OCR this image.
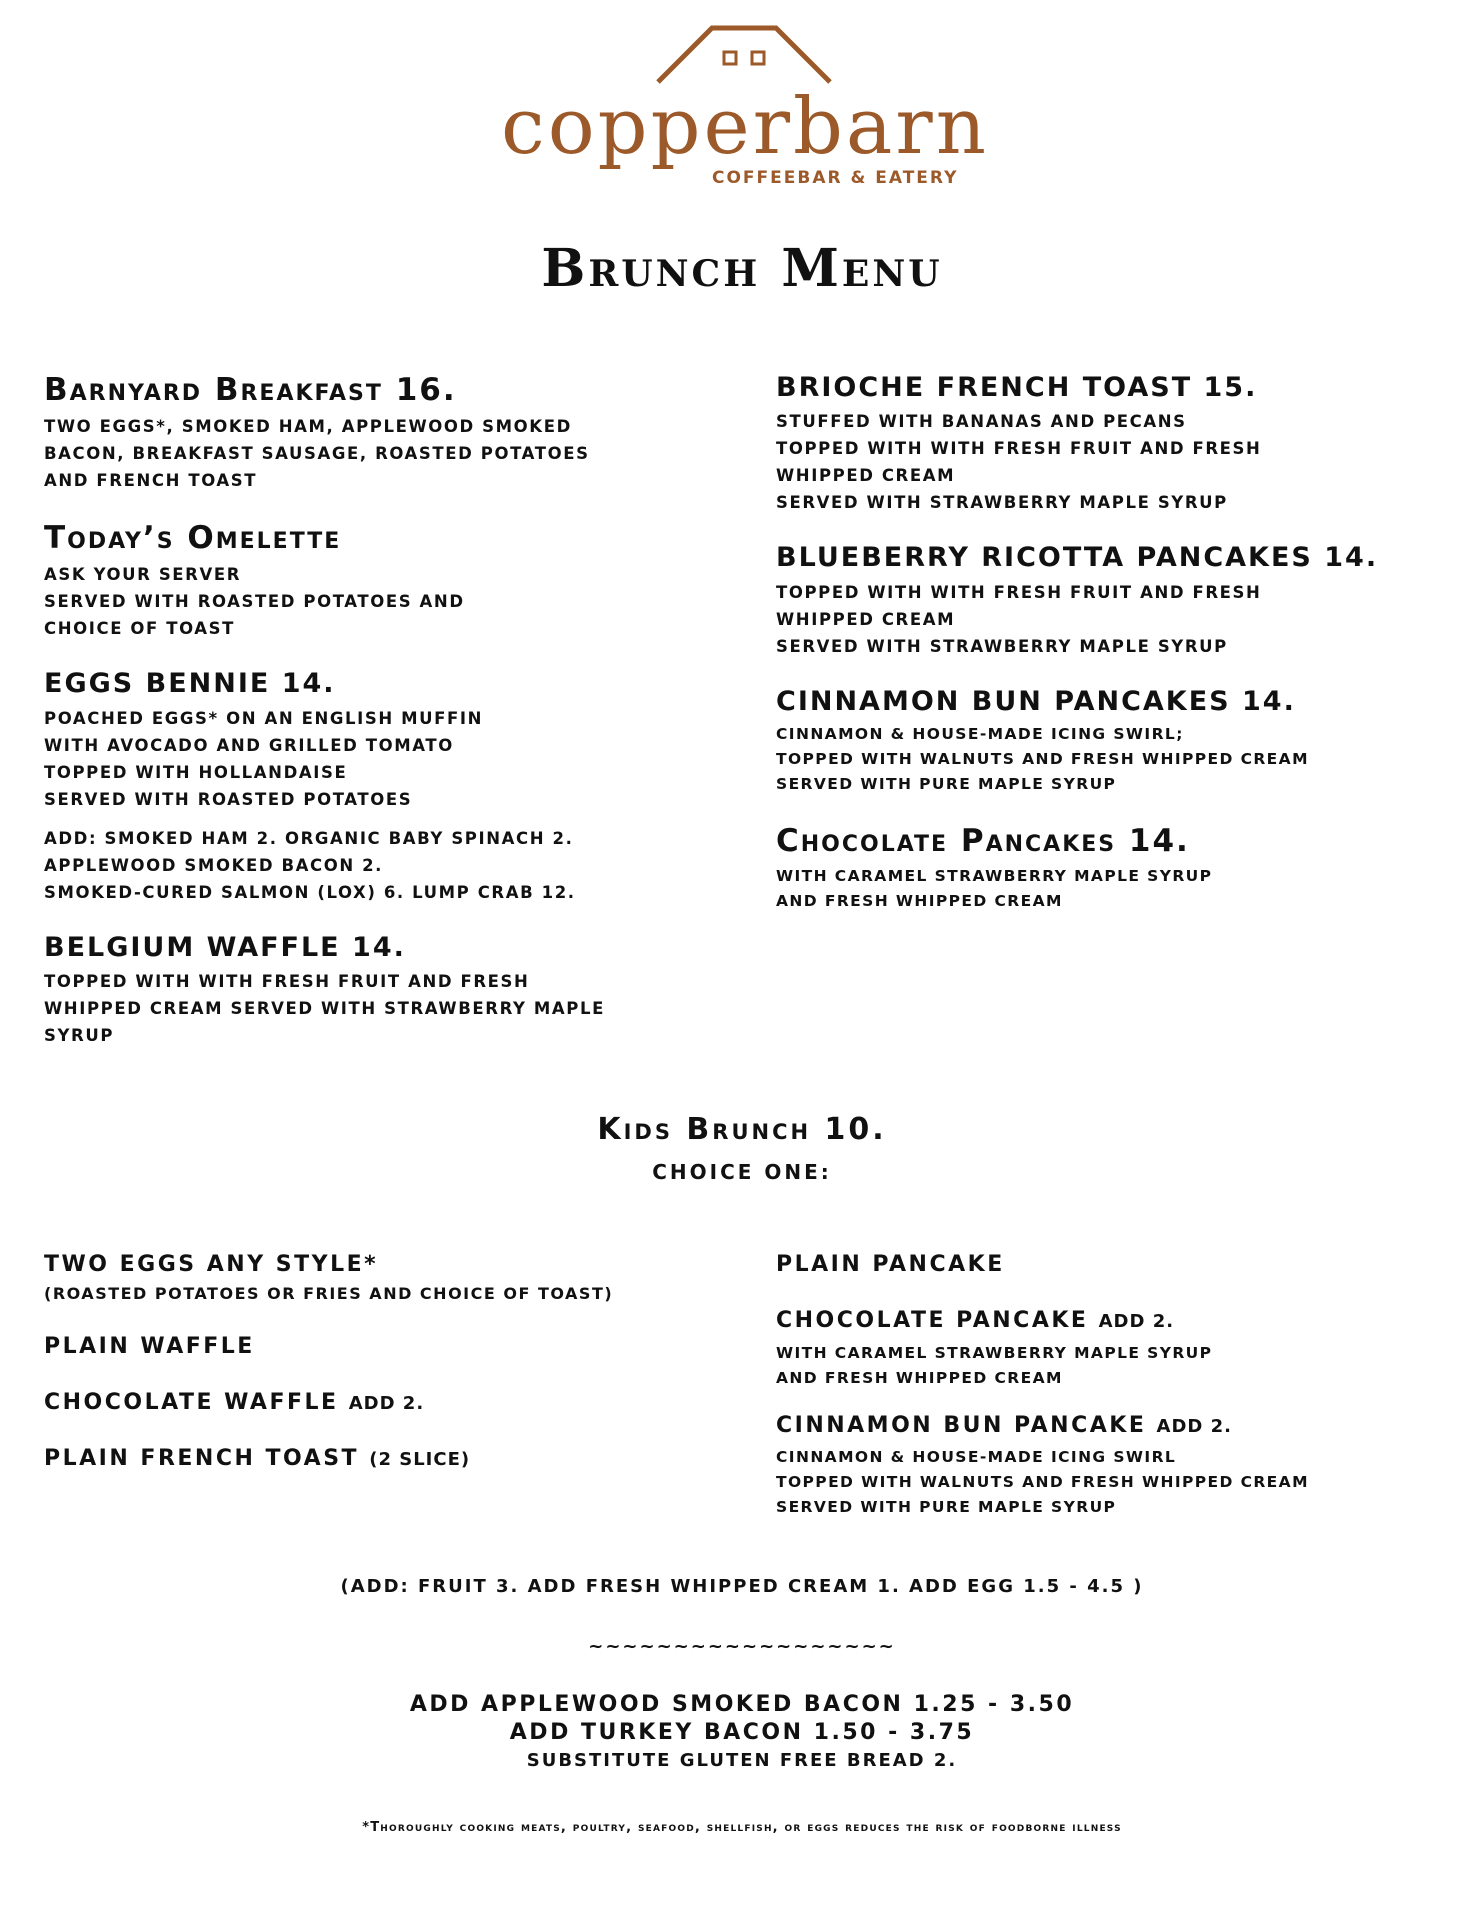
copperbarn
COFFEEBAR & EATERY
Brunch Menu
Barnyard Breakfast 16.
TWO EGGS*, SMOKED HAM, APPLEWOOD SMOKED
BACON, BREAKFAST SAUSAGE, ROASTED POTATOES
AND FRENCH TOAST
Today’s Omelette
ASK YOUR SERVER
SERVED WITH ROASTED POTATOES AND
CHOICE OF TOAST
EGGS BENNIE 14.
POACHED EGGS* ON AN ENGLISH MUFFIN
WITH AVOCADO AND GRILLED TOMATO
TOPPED WITH HOLLANDAISE
SERVED WITH ROASTED POTATOES
ADD: SMOKED HAM 2. ORGANIC BABY SPINACH 2.
APPLEWOOD SMOKED BACON 2.
SMOKED-CURED SALMON (LOX) 6. LUMP CRAB 12.
BELGIUM WAFFLE 14.
TOPPED WITH WITH FRESH FRUIT AND FRESH
WHIPPED CREAM SERVED WITH STRAWBERRY MAPLE
SYRUP
BRIOCHE FRENCH TOAST 15.
STUFFED WITH BANANAS AND PECANS
TOPPED WITH WITH FRESH FRUIT AND FRESH
WHIPPED CREAM
SERVED WITH STRAWBERRY MAPLE SYRUP
BLUEBERRY RICOTTA PANCAKES 14.
TOPPED WITH WITH FRESH FRUIT AND FRESH
WHIPPED CREAM
SERVED WITH STRAWBERRY MAPLE SYRUP
CINNAMON BUN PANCAKES 14.
CINNAMON & HOUSE-MADE ICING SWIRL;
TOPPED WITH WALNUTS AND FRESH WHIPPED CREAM
SERVED WITH PURE MAPLE SYRUP
Chocolate Pancakes 14.
WITH CARAMEL STRAWBERRY MAPLE SYRUP
AND FRESH WHIPPED CREAM
Kids Brunch 10.
CHOICE ONE:
TWO EGGS ANY STYLE*
(ROASTED POTATOES OR FRIES AND CHOICE OF TOAST)
PLAIN WAFFLE
CHOCOLATE WAFFLE ADD 2.
PLAIN FRENCH TOAST (2 SLICE)
PLAIN PANCAKE
CHOCOLATE PANCAKE ADD 2.
WITH CARAMEL STRAWBERRY MAPLE SYRUP
AND FRESH WHIPPED CREAM
CINNAMON BUN PANCAKE ADD 2.
CINNAMON & HOUSE-MADE ICING SWIRL
TOPPED WITH WALNUTS AND FRESH WHIPPED CREAM
SERVED WITH PURE MAPLE SYRUP
(ADD: FRUIT 3. ADD FRESH WHIPPED CREAM 1. ADD EGG 1.5 - 4.5 )
~~~~~~~~~~~~~~~~~~
ADD APPLEWOOD SMOKED BACON 1.25 - 3.50
ADD TURKEY BACON 1.50 - 3.75
SUBSTITUTE GLUTEN FREE BREAD 2.
*Thoroughly cooking meats, poultry, seafood, shellfish, or eggs reduces the risk of foodborne illness
